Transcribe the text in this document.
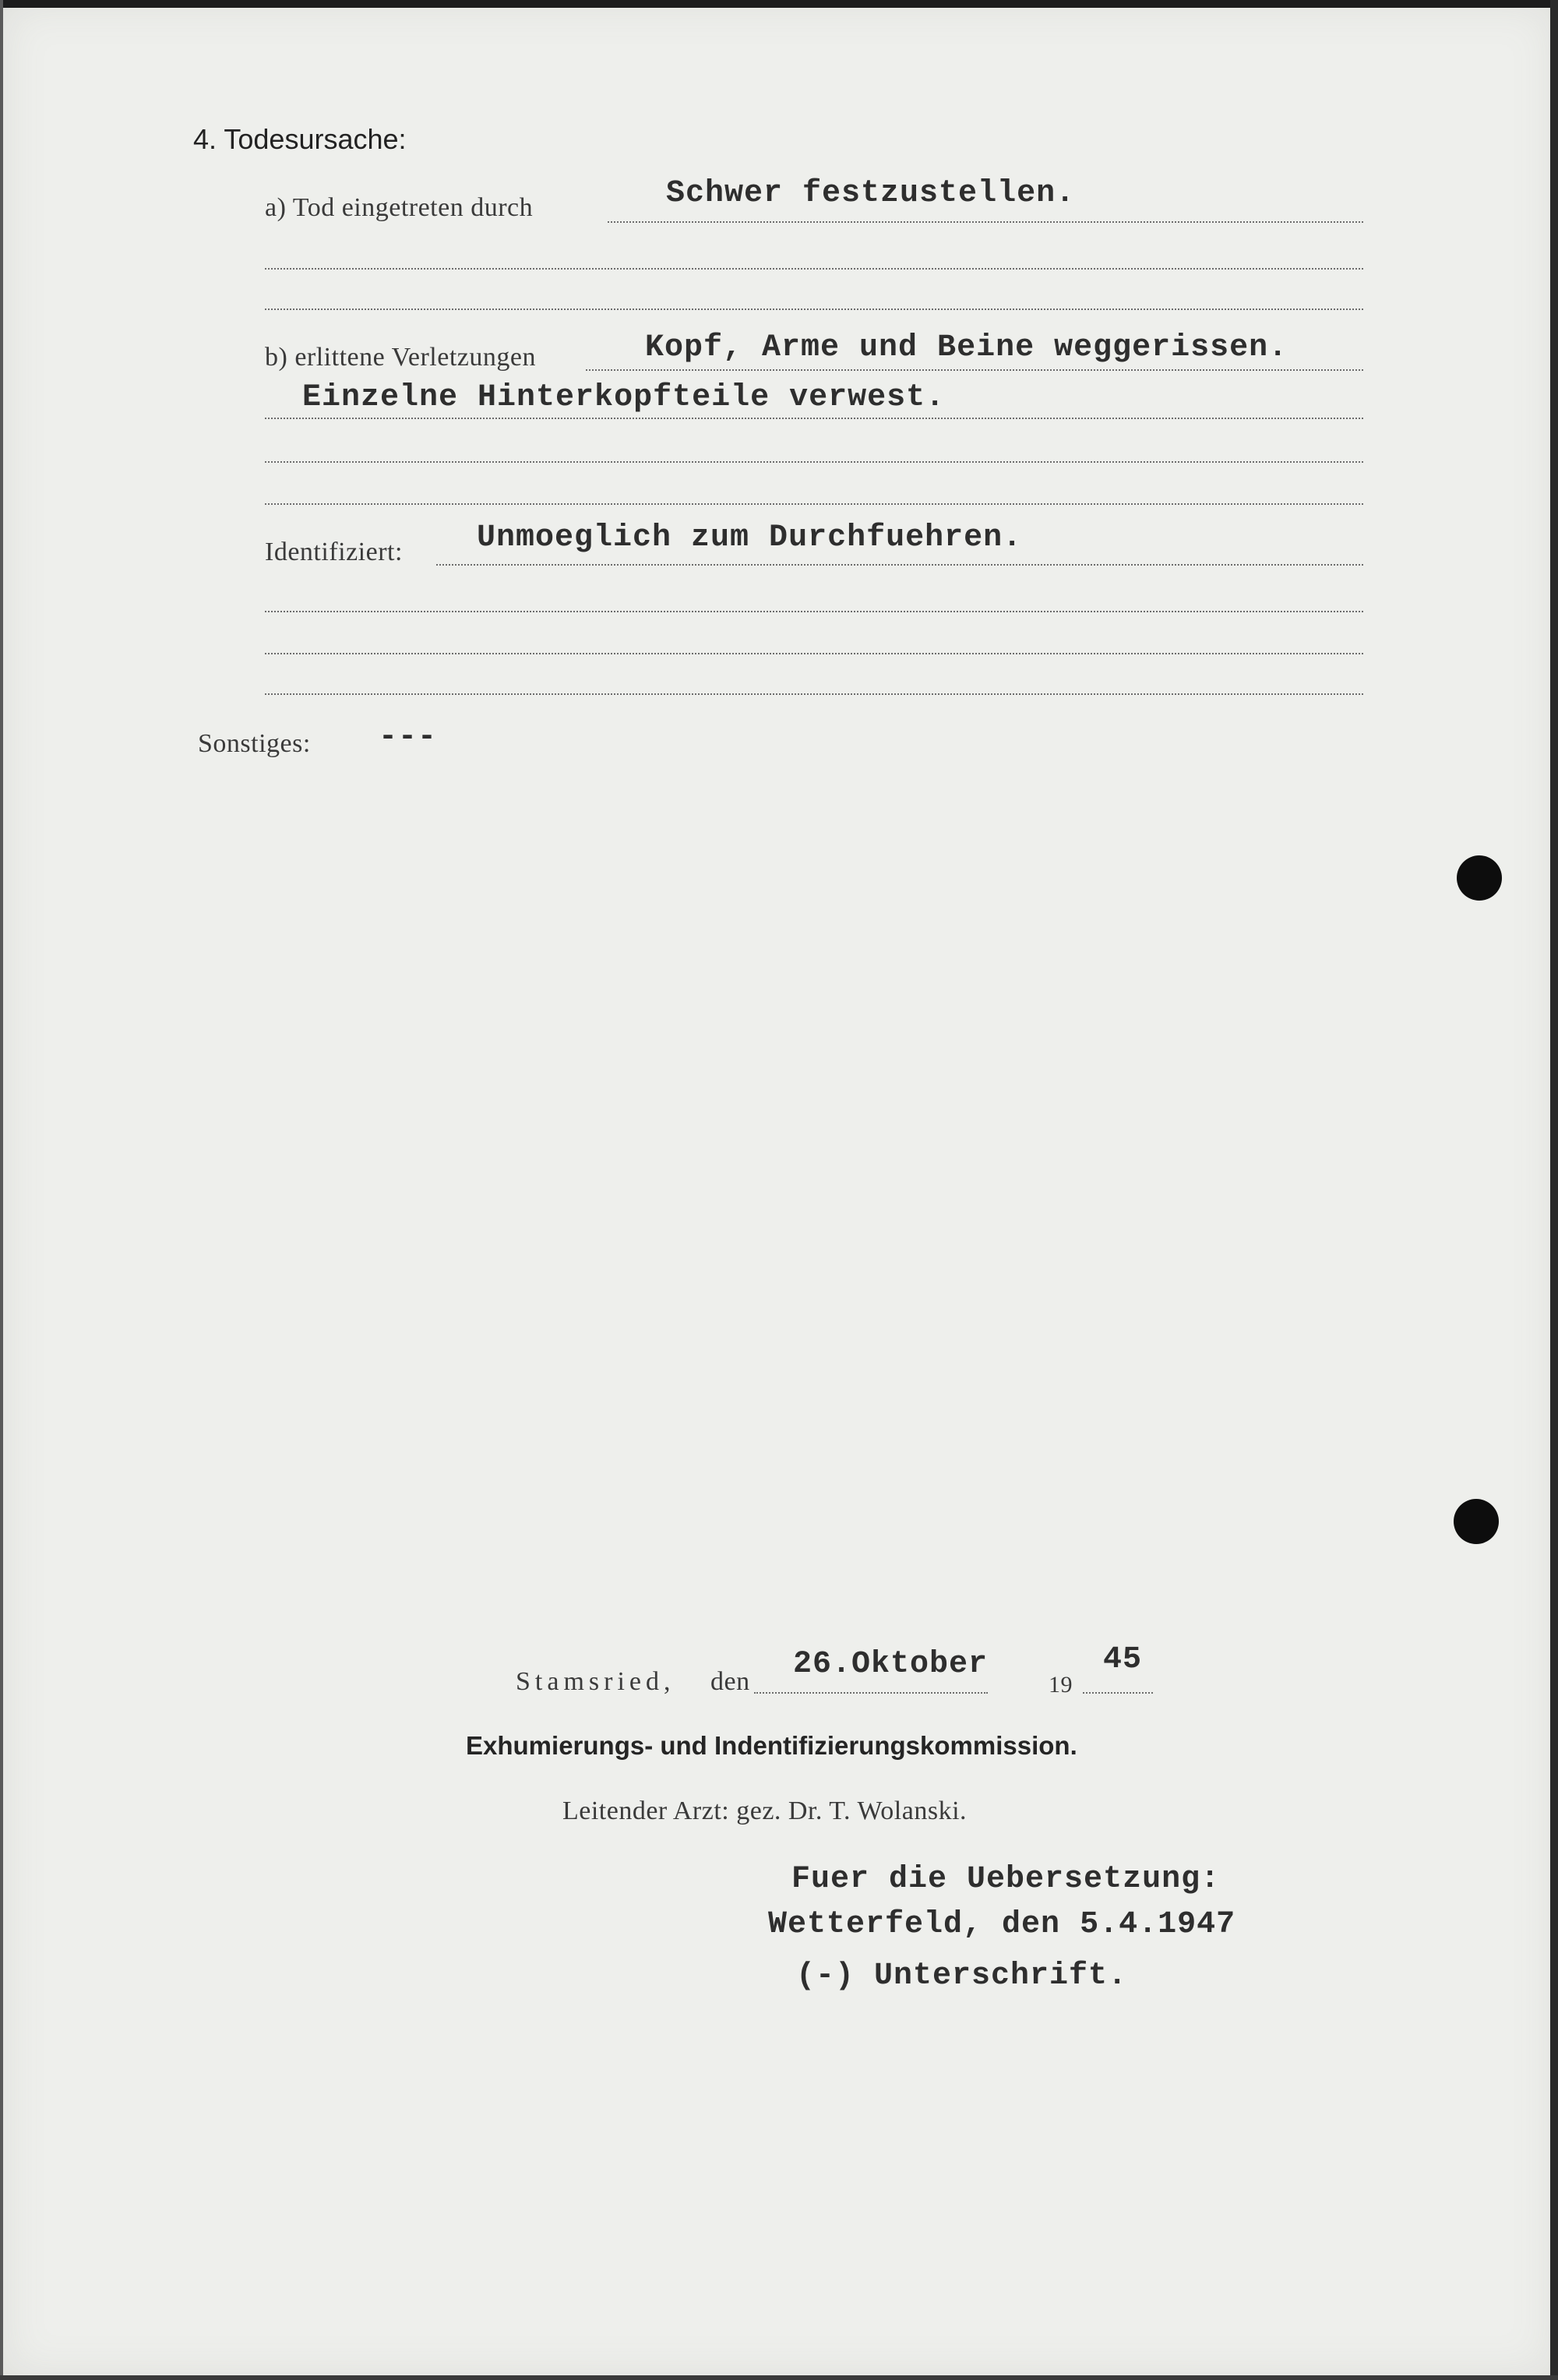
4. Todesursache:
a) Tod eingetreten durch	Schwer festzustellen.
b) erlittene Verletzungen	Kopf, Arme und Beine weggerissen.
Einzelne Hinterkopfteile verwest.
Identifiziert: Unmoeglich zum Durchfuehren.
Sonstiges: ---
Stamsried, den 26.Oktober
19
45
Exhumierungs- und Indentifizierungskommission.
Leitender Arzt: gez. Dr. T. Wolanski.
Fuer die Uebersetzung:
Wetterfeld, den 5.4.1947
(-) Unterschrift.
